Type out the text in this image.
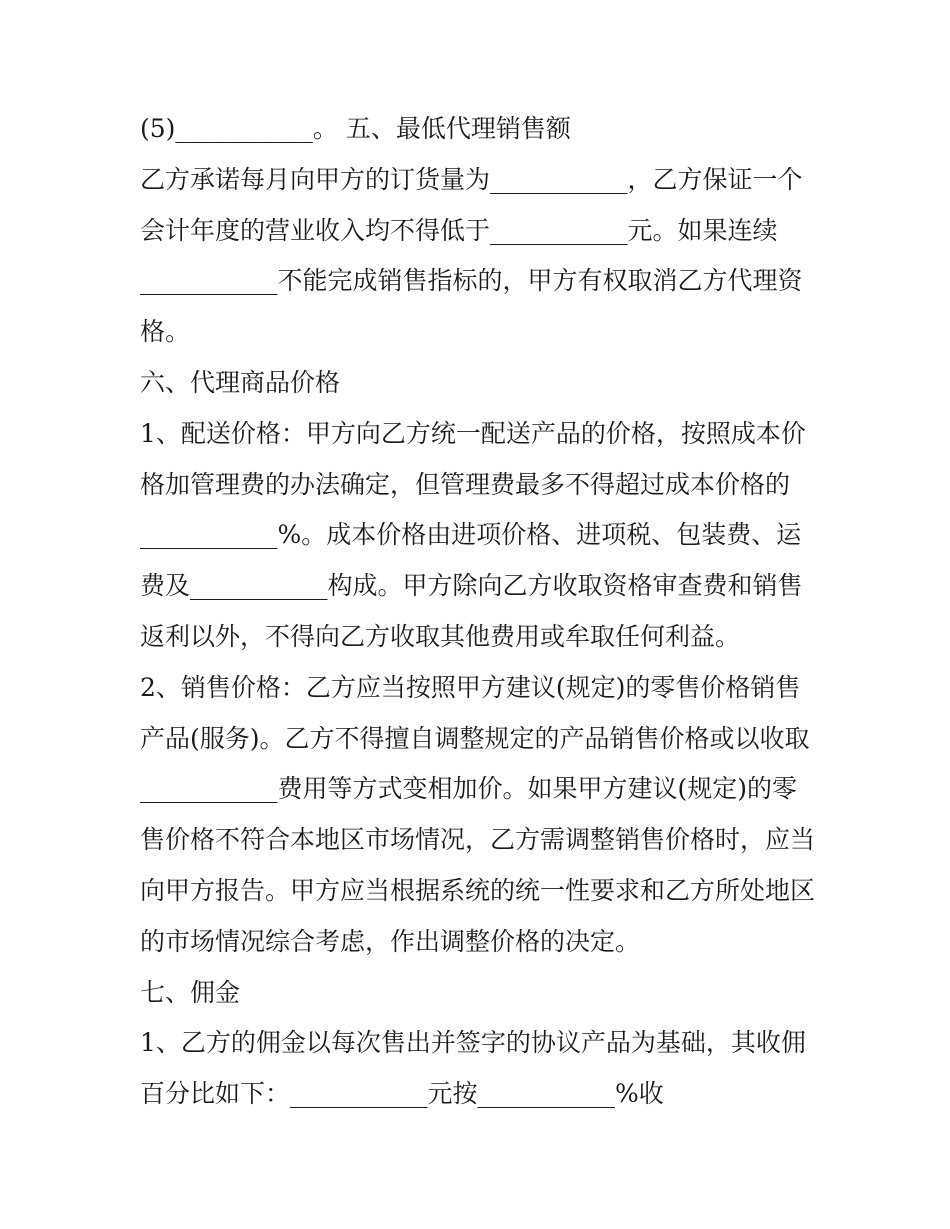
(5)___________。 五、最低代理销售额
乙方承诺每月向甲方的订货量为___________，乙方保证一个
会计年度的营业收入均不得低于___________元。如果连续
___________不能完成销售指标的，甲方有权取消乙方代理资
格。
六、代理商品价格
1、配送价格：甲方向乙方统一配送产品的价格，按照成本价
格加管理费的办法确定，但管理费最多不得超过成本价格的
___________%。成本价格由进项价格、进项税、包装费、运
费及___________构成。甲方除向乙方收取资格审查费和销售
返利以外，不得向乙方收取其他费用或牟取任何利益。
2、销售价格：乙方应当按照甲方建议(规定)的零售价格销售
产品(服务)。乙方不得擅自调整规定的产品销售价格或以收取
___________费用等方式变相加价。如果甲方建议(规定)的零
售价格不符合本地区市场情况，乙方需调整销售价格时，应当
向甲方报告。甲方应当根据系统的统一性要求和乙方所处地区
的市场情况综合考虑，作出调整价格的决定。
七、佣金
1、乙方的佣金以每次售出并签字的协议产品为基础，其收佣
百分比如下：___________元按___________%收
